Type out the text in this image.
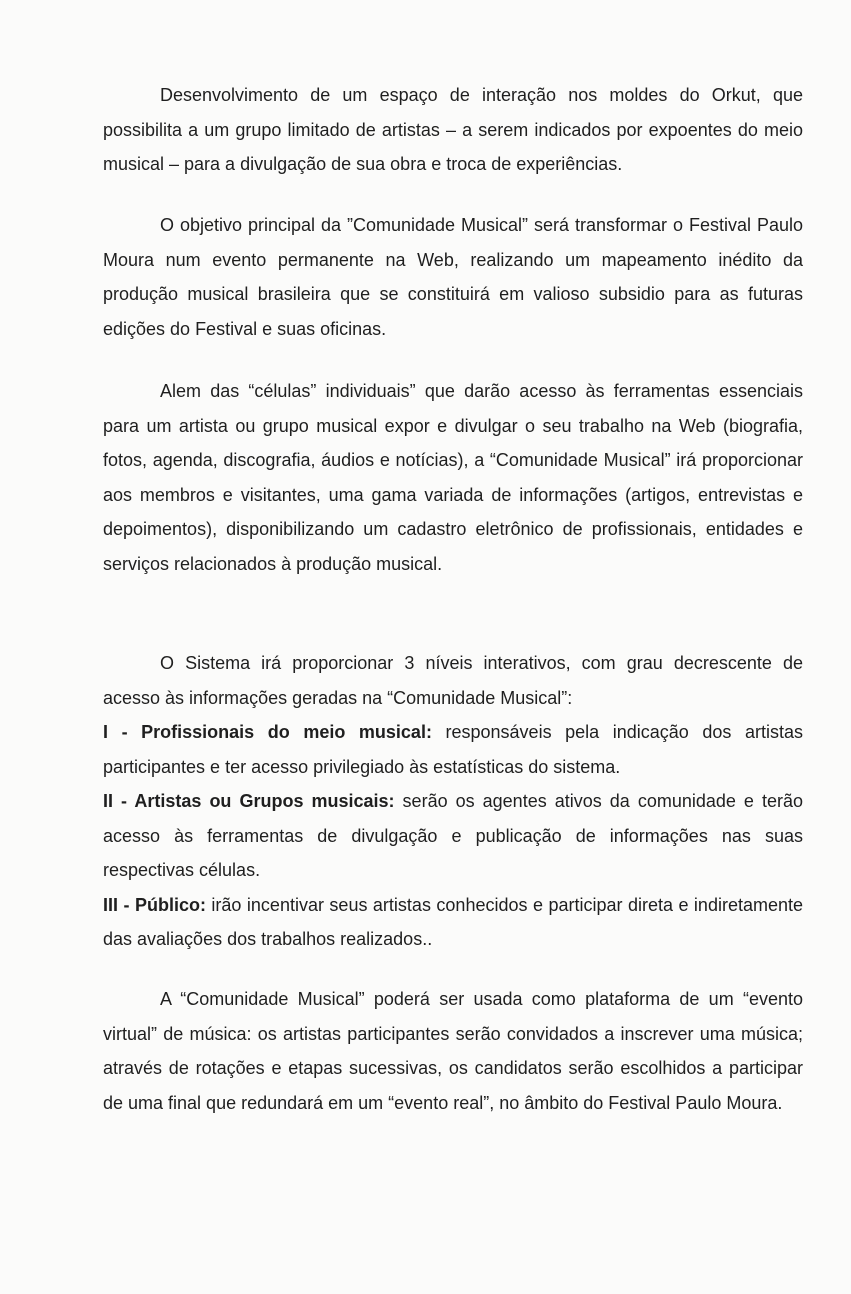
Desenvolvimento de um espaço de interação nos moldes do Orkut, que possibilita a um grupo limitado de artistas – a serem indicados por expoentes do meio musical – para a divulgação de sua obra e troca de experiências.

O objetivo principal da ”Comunidade Musical” será transformar o Festival Paulo Moura num evento permanente na Web, realizando um mapeamento inédito da produção musical brasileira que se constituirá em valioso subsidio para as futuras edições do Festival e suas oficinas.

Alem das “células” individuais” que darão acesso às ferramentas essenciais para um artista ou grupo musical expor e divulgar o seu trabalho na Web (biografia, fotos, agenda, discografia, áudios e notícias), a “Comunidade Musical” irá proporcionar aos membros e visitantes, uma gama variada de informações (artigos, entrevistas e depoimentos), disponibilizando um cadastro eletrônico de profissionais, entidades e serviços relacionados à produção musical.

O Sistema irá proporcionar 3 níveis interativos, com grau decrescente de acesso às informações geradas na “Comunidade Musical”:

I - Profissionais do meio musical: responsáveis pela indicação dos artistas participantes e ter acesso privilegiado às estatísticas do sistema.

II - Artistas ou Grupos musicais: serão os agentes ativos da comunidade e terão acesso às ferramentas de divulgação e publicação de informações nas suas respectivas células.

III - Público: irão incentivar seus artistas conhecidos e participar direta e indiretamente das avaliações dos trabalhos realizados..

A “Comunidade Musical” poderá ser usada como plataforma de um “evento virtual” de música: os artistas participantes serão convidados a inscrever uma música; através de rotações e etapas sucessivas, os candidatos serão escolhidos a participar de uma final que redundará em um “evento real”, no âmbito do Festival Paulo Moura.
